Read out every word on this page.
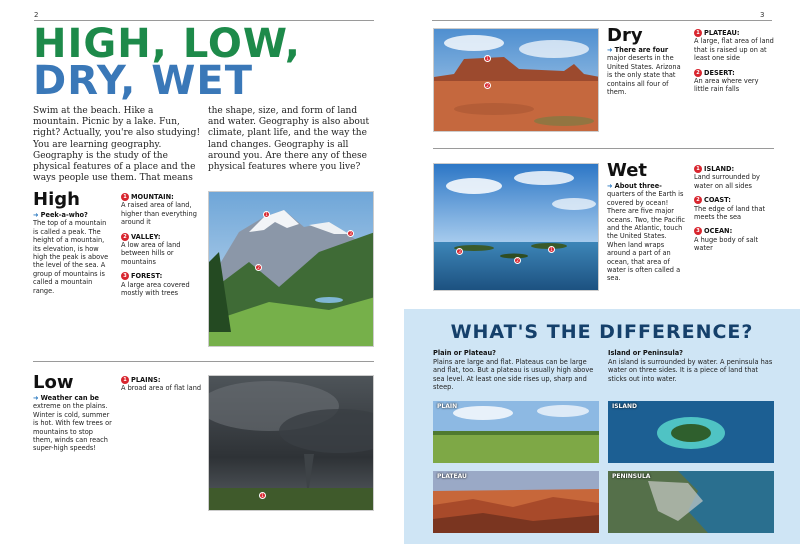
2	3
HIGH, LOW,
DRY, WET
Swim at the beach. Hike a mountain. Picnic by a lake. Fun, right? Actually, you're also studying! You are learning geography. Geography is the study of the physical features of a place and the ways people use them. That means
the shape, size, and form of land and water. Geography is also about climate, plant life, and the way the land changes. Geography is all around you. Are there any of these physical features where you live?
High
➜ Peek-a-who?
The top of a mountain is called a peak. The height of a mountain, its elevation, is how high the peak is above the level of the sea. A group of mountains is called a mountain range.
1 MOUNTAIN:
A raised area of land, higher than everything around it
2 VALLEY:
A low area of land between hills or mountains
3 FOREST:
A large area covered mostly with trees
1
2
3
Low
➜ Weather can be
extreme on the plains. Winter is cold, summer is hot. With few trees or mountains to stop them, winds can reach super-high speeds!
1 PLAINS:
A broad area of flat land
1
1
2
Dry
➜ There are four
major deserts in the United States. Arizona is the only state that contains all four of them.
1 PLATEAU:
A large, flat area of land that is raised up on at least one side
2 DESERT:
An area where very little rain falls
1
2
3
Wet
➜ About three-
quarters of the Earth is covered by ocean! There are five major oceans. Two, the Pacific and the Atlantic, touch the United States. When land wraps around a part of an ocean, that area of water is often called a sea.
1 ISLAND:
Land surrounded by water on all sides
2 COAST:
The edge of land that meets the sea
3 OCEAN:
A huge body of salt water
WHAT'S THE DIFFERENCE?
Plain or Plateau?
Plains are large and flat. Plateaus can be large and flat, too. But a plateau is usually high above sea level. At least one side rises up, sharp and steep.
Island or Peninsula?
An island is surrounded by water. A peninsula has water on three sides. It is a piece of land that sticks out into water.
PLAIN	ISLAND
PLATEAU	PENINSULA
